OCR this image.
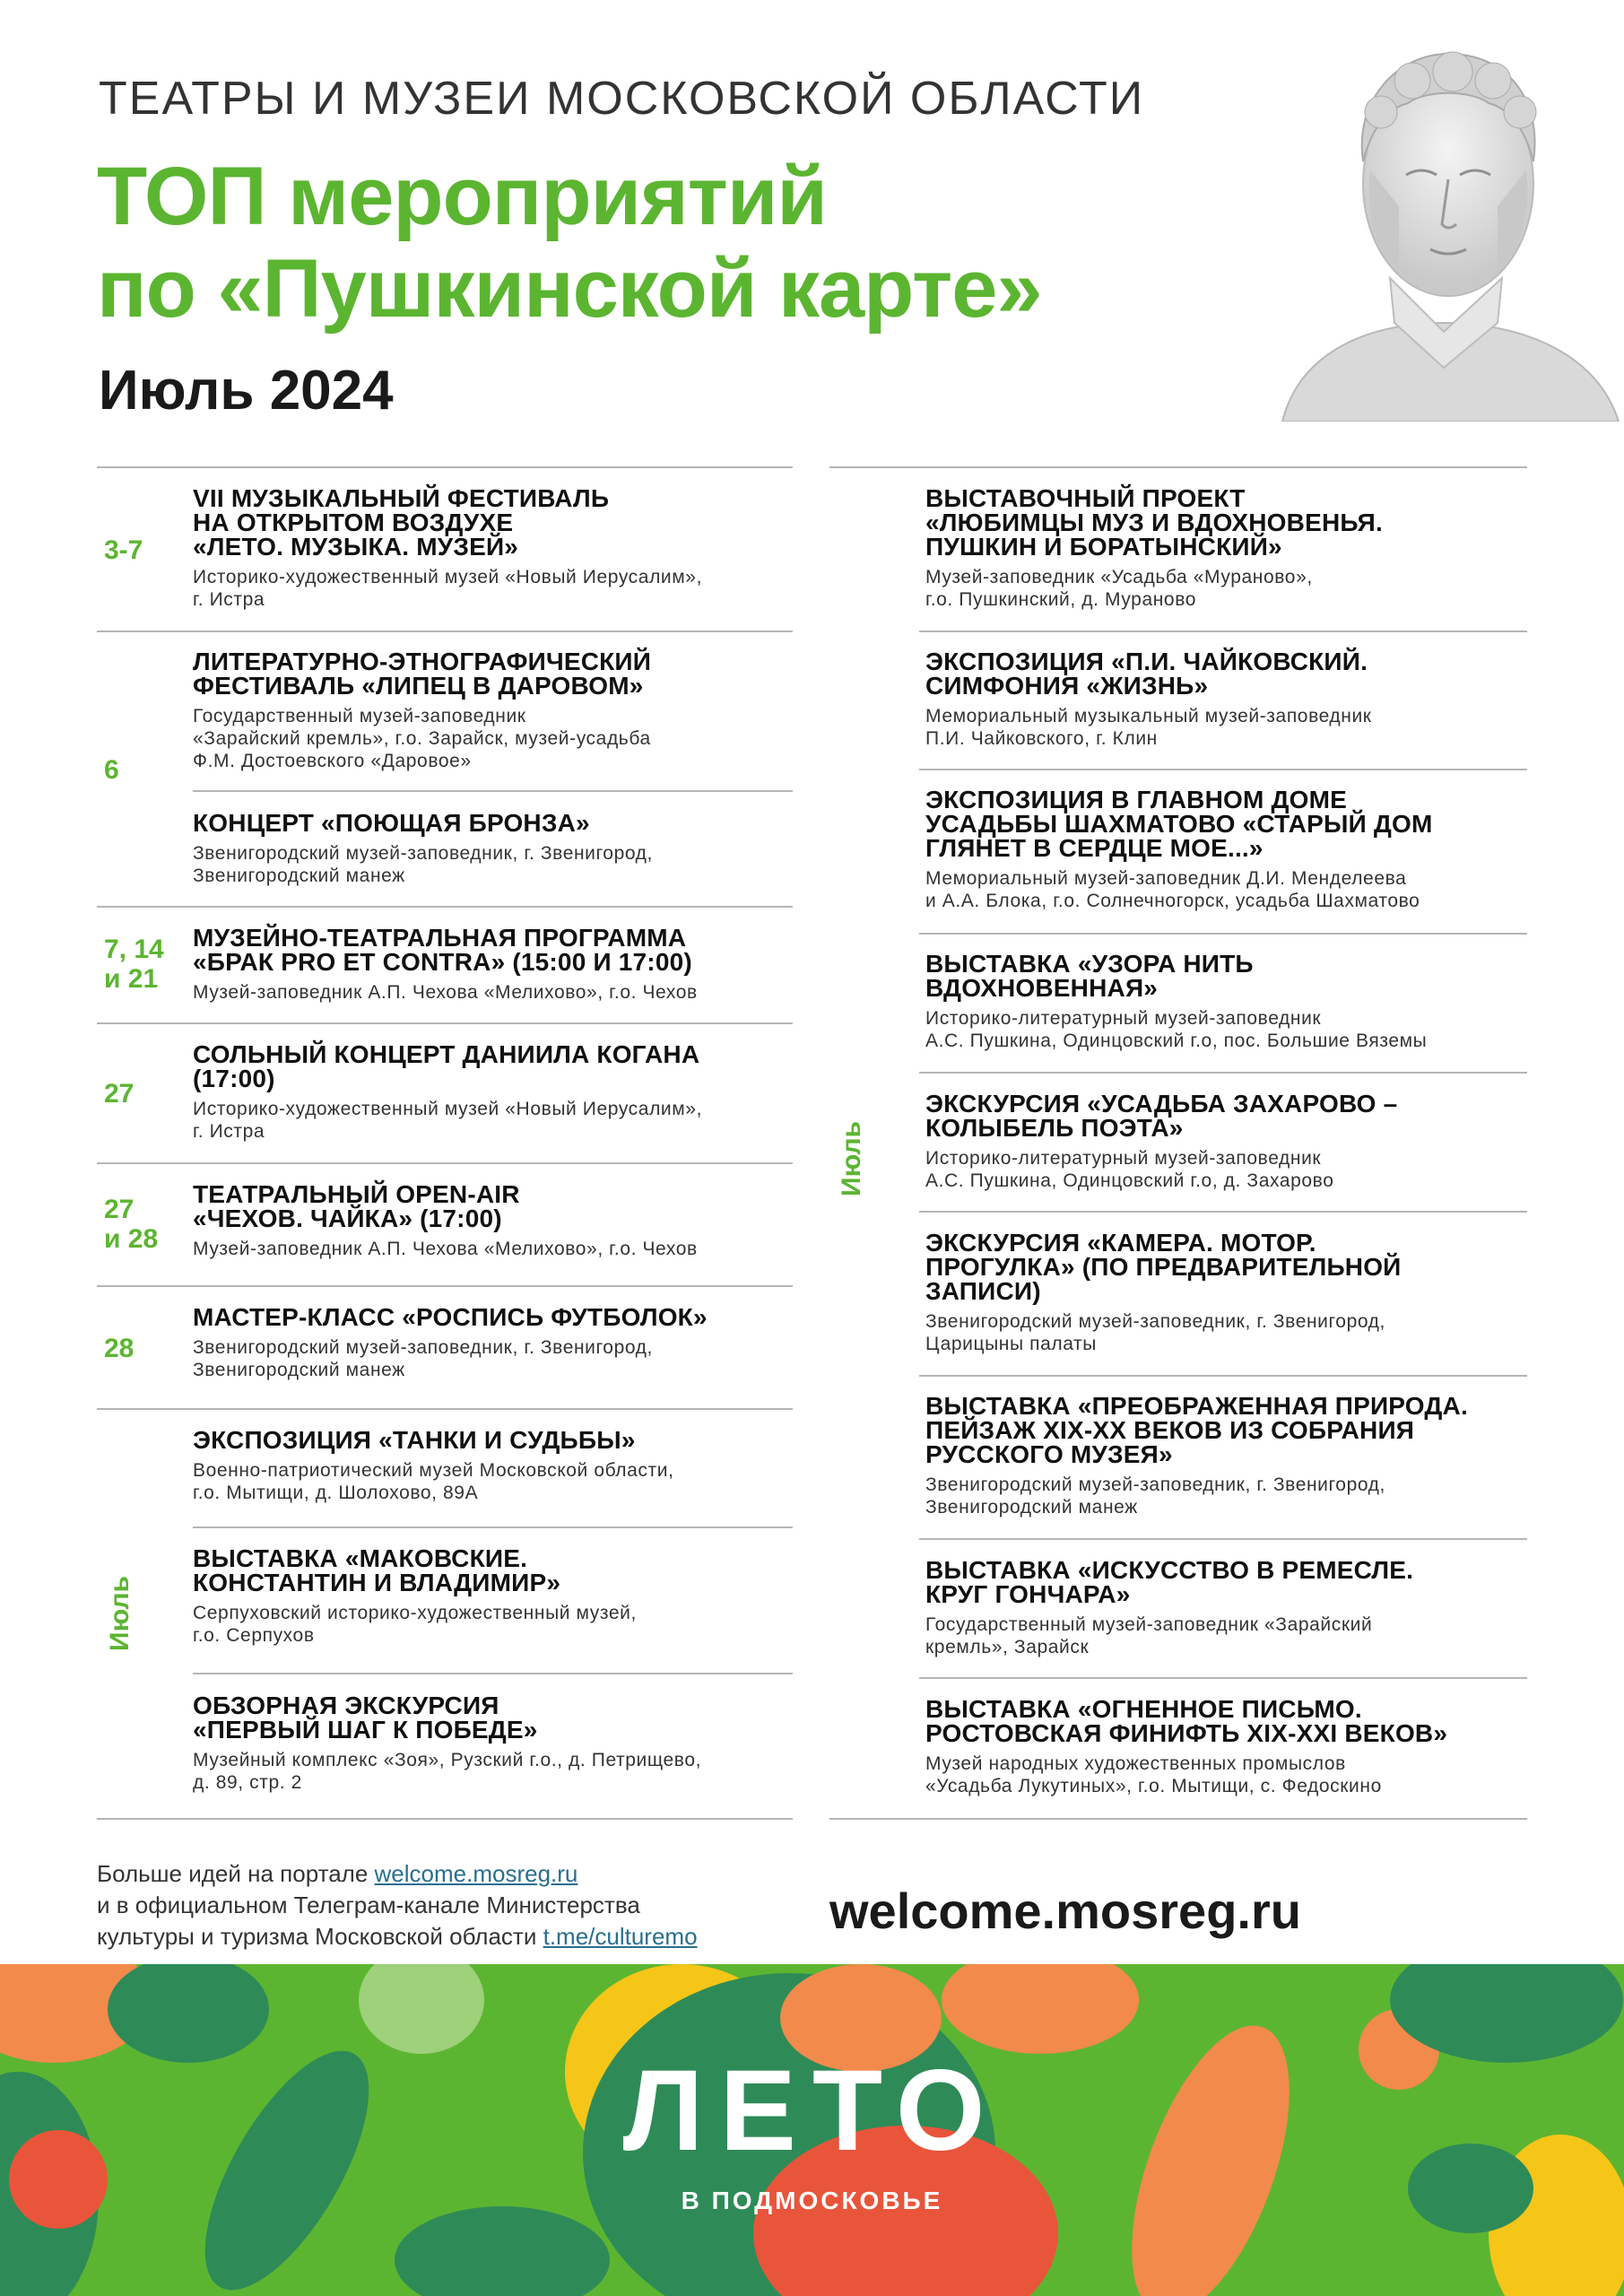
ТЕАТРЫ И МУЗЕИ МОСКОВСКОЙ ОБЛАСТИ
ТОП мероприятий
по «Пушкинской карте»
Июль 2024
3-7
VII МУЗЫКАЛЬНЫЙ ФЕСТИВАЛЬ
НА ОТКРЫТОМ ВОЗДУХЕ
«ЛЕТО. МУЗЫКА. МУЗЕЙ»
Историко-художественный музей «Новый Иерусалим»,
г. Истра
6
ЛИТЕРАТУРНО-ЭТНОГРАФИЧЕСКИЙ
ФЕСТИВАЛЬ «ЛИПЕЦ В ДАРОВОМ»
Государственный музей-заповедник
«Зарайский кремль», г.о. Зарайск, музей-усадьба
Ф.М. Достоевского «Даровое»
КОНЦЕРТ «ПОЮЩАЯ БРОНЗА»
Звенигородский музей-заповедник, г. Звенигород,
Звенигородский манеж
7, 14
и 21
МУЗЕЙНО-ТЕАТРАЛЬНАЯ ПРОГРАММА
«БРАК PRO ET CONTRA» (15:00 И 17:00)
Музей-заповедник А.П. Чехова «Мелихово», г.о. Чехов
27
СОЛЬНЫЙ КОНЦЕРТ ДАНИИЛА КОГАНА
(17:00)
Историко-художественный музей «Новый Иерусалим»,
г. Истра
27
и 28
ТЕАТРАЛЬНЫЙ OPEN-AIR
«ЧЕХОВ. ЧАЙКА» (17:00)
Музей-заповедник А.П. Чехова «Мелихово», г.о. Чехов
28
МАСТЕР-КЛАСС «РОСПИСЬ ФУТБОЛОК»
Звенигородский музей-заповедник, г. Звенигород,
Звенигородский манеж
Июль
ЭКСПОЗИЦИЯ «ТАНКИ И СУДЬБЫ»
Военно-патриотический музей Московской области,
г.о. Мытищи, д. Шолохово, 89А
ВЫСТАВКА «МАКОВСКИЕ.
КОНСТАНТИН И ВЛАДИМИР»
Серпуховский историко-художественный музей,
г.о. Серпухов
ОБЗОРНАЯ ЭКСКУРСИЯ
«ПЕРВЫЙ ШАГ К ПОБЕДЕ»
Музейный комплекс «Зоя», Рузский г.о., д. Петрищево,
д. 89, стр. 2
Июль
ВЫСТАВОЧНЫЙ ПРОЕКТ
«ЛЮБИМЦЫ МУЗ И ВДОХНОВЕНЬЯ.
ПУШКИН И БОРАТЫНСКИЙ»
Музей-заповедник «Усадьба «Мураново»,
г.о. Пушкинский, д. Мураново
ЭКСПОЗИЦИЯ «П.И. ЧАЙКОВСКИЙ.
СИМФОНИЯ «ЖИЗНЬ»
Мемориальный музыкальный музей-заповедник
П.И. Чайковского, г. Клин
ЭКСПОЗИЦИЯ В ГЛАВНОМ ДОМЕ
УСАДЬБЫ ШАХМАТОВО «СТАРЫЙ ДОМ
ГЛЯНЕТ В СЕРДЦЕ МОЕ...»
Мемориальный музей-заповедник Д.И. Менделеева
и А.А. Блока, г.о. Солнечногорск, усадьба Шахматово
ВЫСТАВКА «УЗОРА НИТЬ
ВДОХНОВЕННАЯ»
Историко-литературный музей-заповедник
А.С. Пушкина, Одинцовский г.о, пос. Большие Вяземы
ЭКСКУРСИЯ «УСАДЬБА ЗАХАРОВО –
КОЛЫБЕЛЬ ПОЭТА»
Историко-литературный музей-заповедник
А.С. Пушкина, Одинцовский г.о, д. Захарово
ЭКСКУРСИЯ «КАМЕРА. МОТОР.
ПРОГУЛКА» (ПО ПРЕДВАРИТЕЛЬНОЙ
ЗАПИСИ)
Звенигородский музей-заповедник, г. Звенигород,
Царицыны палаты
ВЫСТАВКА «ПРЕОБРАЖЕННАЯ ПРИРОДА.
ПЕЙЗАЖ XIX-XX ВЕКОВ ИЗ СОБРАНИЯ
РУССКОГО МУЗЕЯ»
Звенигородский музей-заповедник, г. Звенигород,
Звенигородский манеж
ВЫСТАВКА «ИСКУССТВО В РЕМЕСЛЕ.
КРУГ ГОНЧАРА»
Государственный музей-заповедник «Зарайский
кремль», Зарайск
ВЫСТАВКА «ОГНЕННОЕ ПИСЬМО.
РОСТОВСКАЯ ФИНИФТЬ XIX-XXI ВЕКОВ»
Музей народных художественных промыслов
«Усадьба Лукутиных», г.о. Мытищи, с. Федоскино
Больше идей на портале welcome.mosreg.ru
и в официальном Телеграм-канале Министерства
культуры и туризма Московской области t.me/culturemo	welcome.mosreg.ru
ЛЕТО
В ПОДМОСКОВЬЕ
